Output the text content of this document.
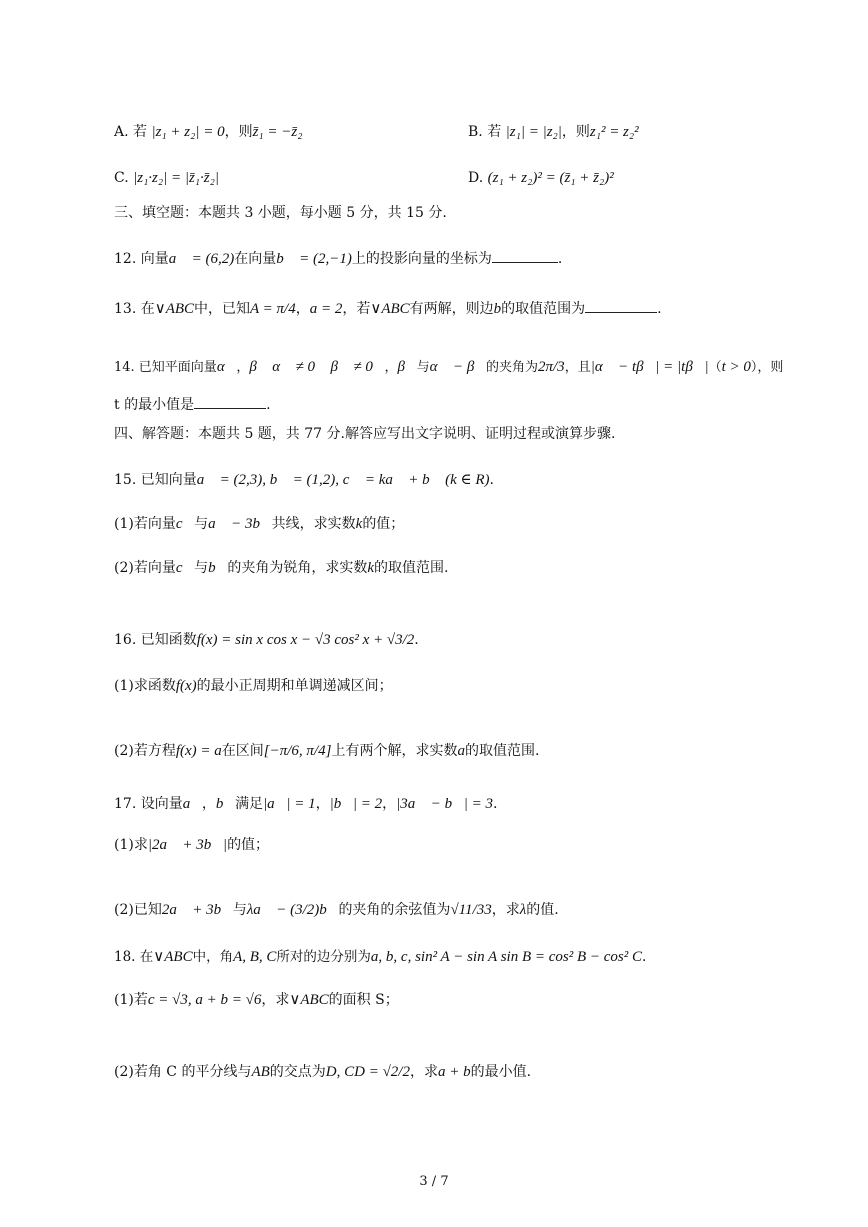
A. 若 |z₁ + z₂| = 0，则z̄₁ = −z̄₂	B. 若 |z₁| = |z₂|，则z₁² = z₂²
C. |z₁·z₂| = |z̄₁·z̄₂|	D. (z₁ + z₂)² = (z̄₁ + z̄₂)²
三、填空题：本题共 3 小题，每小题 5 分，共 15 分.
12. 向量a⃗ = (6,2)在向量b⃗ = (2,−1)上的投影向量的坐标为	.
13. 在∨ABC中，已知A = π/4，a = 2，若∨ABC有两解，则边b的取值范围为	.
14. 已知平面向量α⃗，β⃗ α⃗ ≠ 0⃗ β⃗ ≠ 0⃗，β⃗与α⃗ − β⃗的夹角为2π/3，且|α⃗ − tβ⃗| = |tβ⃗|（t > 0），则
t 的最小值是	.
四、解答题：本题共 5 题，共 77 分.解答应写出文字说明、证明过程或演算步骤.
15. 已知向量a⃗ = (2,3), b⃗ = (1,2), c⃗ = ka⃗ + b⃗ (k ∈ R).
(1)若向量c⃗与a⃗ − 3b⃗共线，求实数k的值；
(2)若向量c⃗与b⃗的夹角为锐角，求实数k的取值范围.
16. 已知函数f(x) = sin x cos x − √3 cos² x + √3/2.
(1)求函数f(x)的最小正周期和单调递减区间；
(2)若方程f(x) = a在区间[−π/6, π/4]上有两个解，求实数a的取值范围.
17. 设向量a⃗，b⃗满足|a⃗| = 1，|b⃗| = 2，|3a⃗ − b⃗| = 3.
(1)求|2a⃗ + 3b⃗|的值；
(2)已知2a⃗ + 3b⃗与λa⃗ − (3/2)b⃗的夹角的余弦值为√11/33，求λ的值.
18. 在∨ABC中，角A, B, C所对的边分别为a, b, c, sin² A − sin A sin B = cos² B − cos² C.
(1)若c = √3, a + b = √6，求∨ABC的面积 S；
(2)若角 C 的平分线与AB的交点为D, CD = √2/2，求a + b的最小值.
3 / 7
